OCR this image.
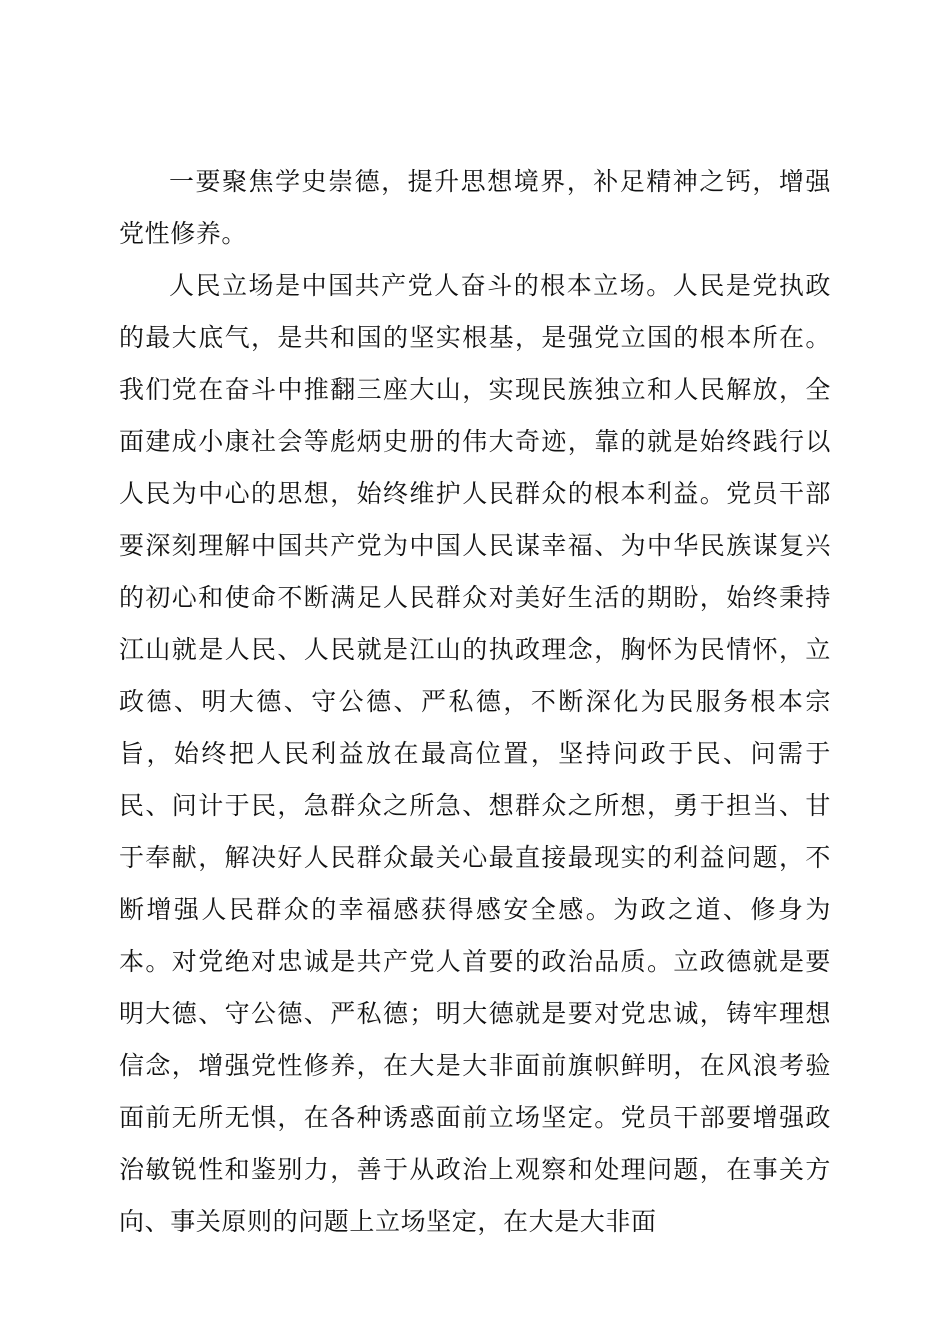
一要聚焦学史崇德，提升思想境界，补足精神之钙，增强党性修养。

人民立场是中国共产党人奋斗的根本立场。人民是党执政的最大底气，是共和国的坚实根基，是强党立国的根本所在。我们党在奋斗中推翻三座大山，实现民族独立和人民解放，全面建成小康社会等彪炳史册的伟大奇迹，靠的就是始终践行以人民为中心的思想，始终维护人民群众的根本利益。党员干部要深刻理解中国共产党为中国人民谋幸福、为中华民族谋复兴的初心和使命不断满足人民群众对美好生活的期盼，始终秉持江山就是人民、人民就是江山的执政理念，胸怀为民情怀，立政德、明大德、守公德、严私德，不断深化为民服务根本宗旨，始终把人民利益放在最高位置，坚持问政于民、问需于民、问计于民，急群众之所急、想群众之所想，勇于担当、甘于奉献，解决好人民群众最关心最直接最现实的利益问题，不断增强人民群众的幸福感获得感安全感。为政之道、修身为本。对党绝对忠诚是共产党人首要的政治品质。立政德就是要明大德、守公德、严私德；明大德就是要对党忠诚，铸牢理想信念，增强党性修养，在大是大非面前旗帜鲜明，在风浪考验面前无所无惧，在各种诱惑面前立场坚定。党员干部要增强政治敏锐性和鉴别力，善于从政治上观察和处理问题，在事关方向、事关原则的问题上立场坚定，在大是大非面
